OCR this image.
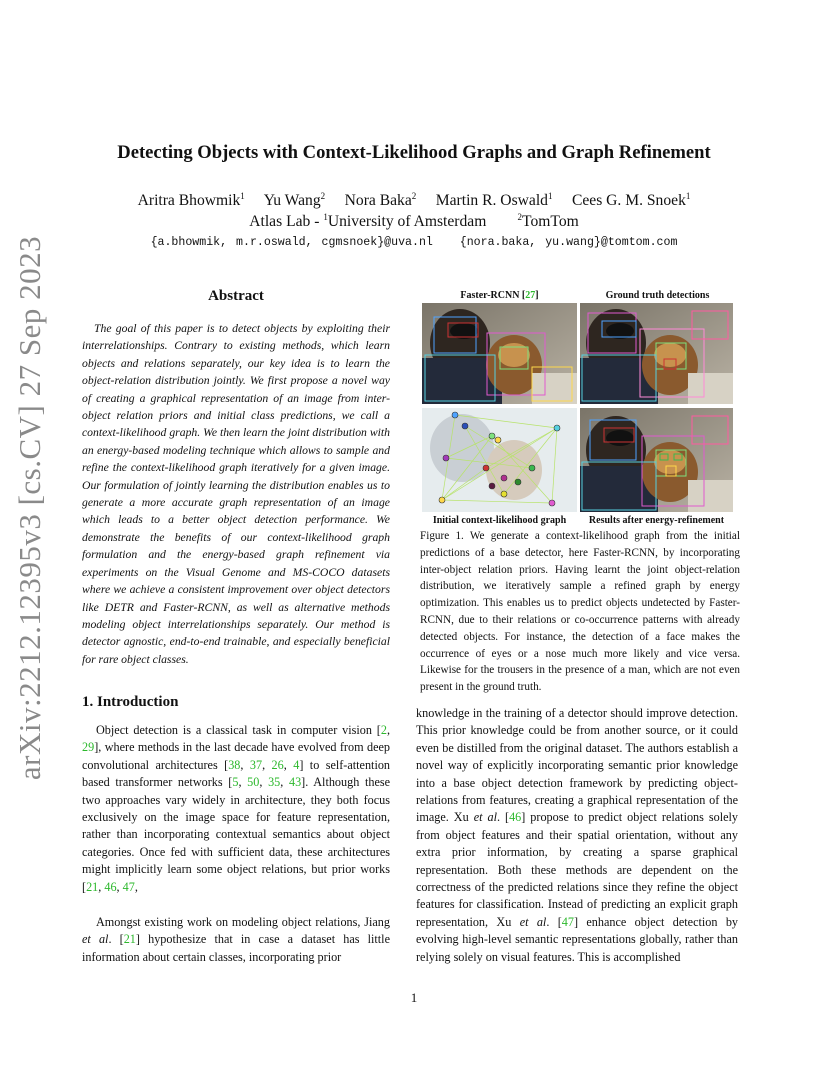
arXiv:2212.12395v3 [cs.CV] 27 Sep 2023
Detecting Objects with Context-Likelihood Graphs and Graph Refinement
Aritra Bhowmik$^1$ Yu Wang$^2$ Nora Baka$^2$ Martin R. Oswald$^1$ Cees G. M. Snoek$^1$
Atlas Lab - $^1$University of Amsterdam	$^2$TomTom
{a.bhowmik, m.r.oswald, cgmsnoek}@uva.nl {nora.baka, yu.wang}@tomtom.com
Abstract

The goal of this paper is to detect objects by exploiting their interrelationships. Contrary to existing methods, which learn objects and relations separately, our key idea is to learn the object-relation distribution jointly. We first propose a novel way of creating a graphical representation of an image from inter-object relation priors and initial class predictions, we call a context-likelihood graph. We then learn the joint distribution with an energy-based modeling technique which allows to sample and refine the context-likelihood graph iteratively for a given image. Our formulation of jointly learning the distribution enables us to generate a more accurate graph representation of an image which leads to a better object detection performance. We demonstrate the benefits of our context-likelihood graph formulation and the energy-based graph refinement via experiments on the Visual Genome and MS-COCO datasets where we achieve a consistent improvement over object detectors like DETR and Faster-RCNN, as well as alternative methods modeling object interrelationships separately. Our method is detector agnostic, end-to-end trainable, and especially beneficial for rare object classes.

Faster-RCNN [27]	Ground truth detections
Initial context-likelihood graph	Results after energy-refinement

Figure 1. We generate a context-likelihood graph from the initial predictions of a base detector, here Faster-RCNN, by incorporating inter-object relation priors. Having learnt the joint object-relation distribution, we iteratively sample a refined graph by energy optimization. This enables us to predict objects undetected by Faster-RCNN, due to their relations or co-occurrence patterns with already detected objects. For instance, the detection of a face makes the occurrence of eyes or a nose much more likely and vice versa. Likewise for the trousers in the presence of a man, which are not even present in the ground truth.

1. Introduction

Object detection is a classical task in computer vision [2, 29], where methods in the last decade have evolved from deep convolutional architectures [38, 37, 26, 4] to self-attention based transformer networks [5, 50, 35, 43]. Although these two approaches vary widely in architecture, they both focus exclusively on the image space for feature representation, rather than incorporating contextual semantics about object categories. Once fed with sufficient data, these architectures might implicitly learn some object relations, but prior works [21, 46, 47,

Amongst existing work on modeling object relations, Jiang et al. [21] hypothesize that in case a dataset has little information about certain classes, incorporating prior

knowledge in the training of a detector should improve detection. This prior knowledge could be from another source, or it could even be distilled from the original dataset. The authors establish a novel way of explicitly incorporating semantic prior knowledge into a base object detection framework by predicting object-relations from features, creating a graphical representation of the image. Xu et al. [46] propose to predict object relations solely from object features and their spatial orientation, without any extra prior information, by creating a sparse graphical representation. Both these methods are dependent on the correctness of the predicted relations since they refine the object features for classification. Instead of predicting an explicit graph representation, Xu et al. [47] enhance object detection by evolving high-level semantic representations globally, rather than relying solely on visual features. This is accomplished

1
